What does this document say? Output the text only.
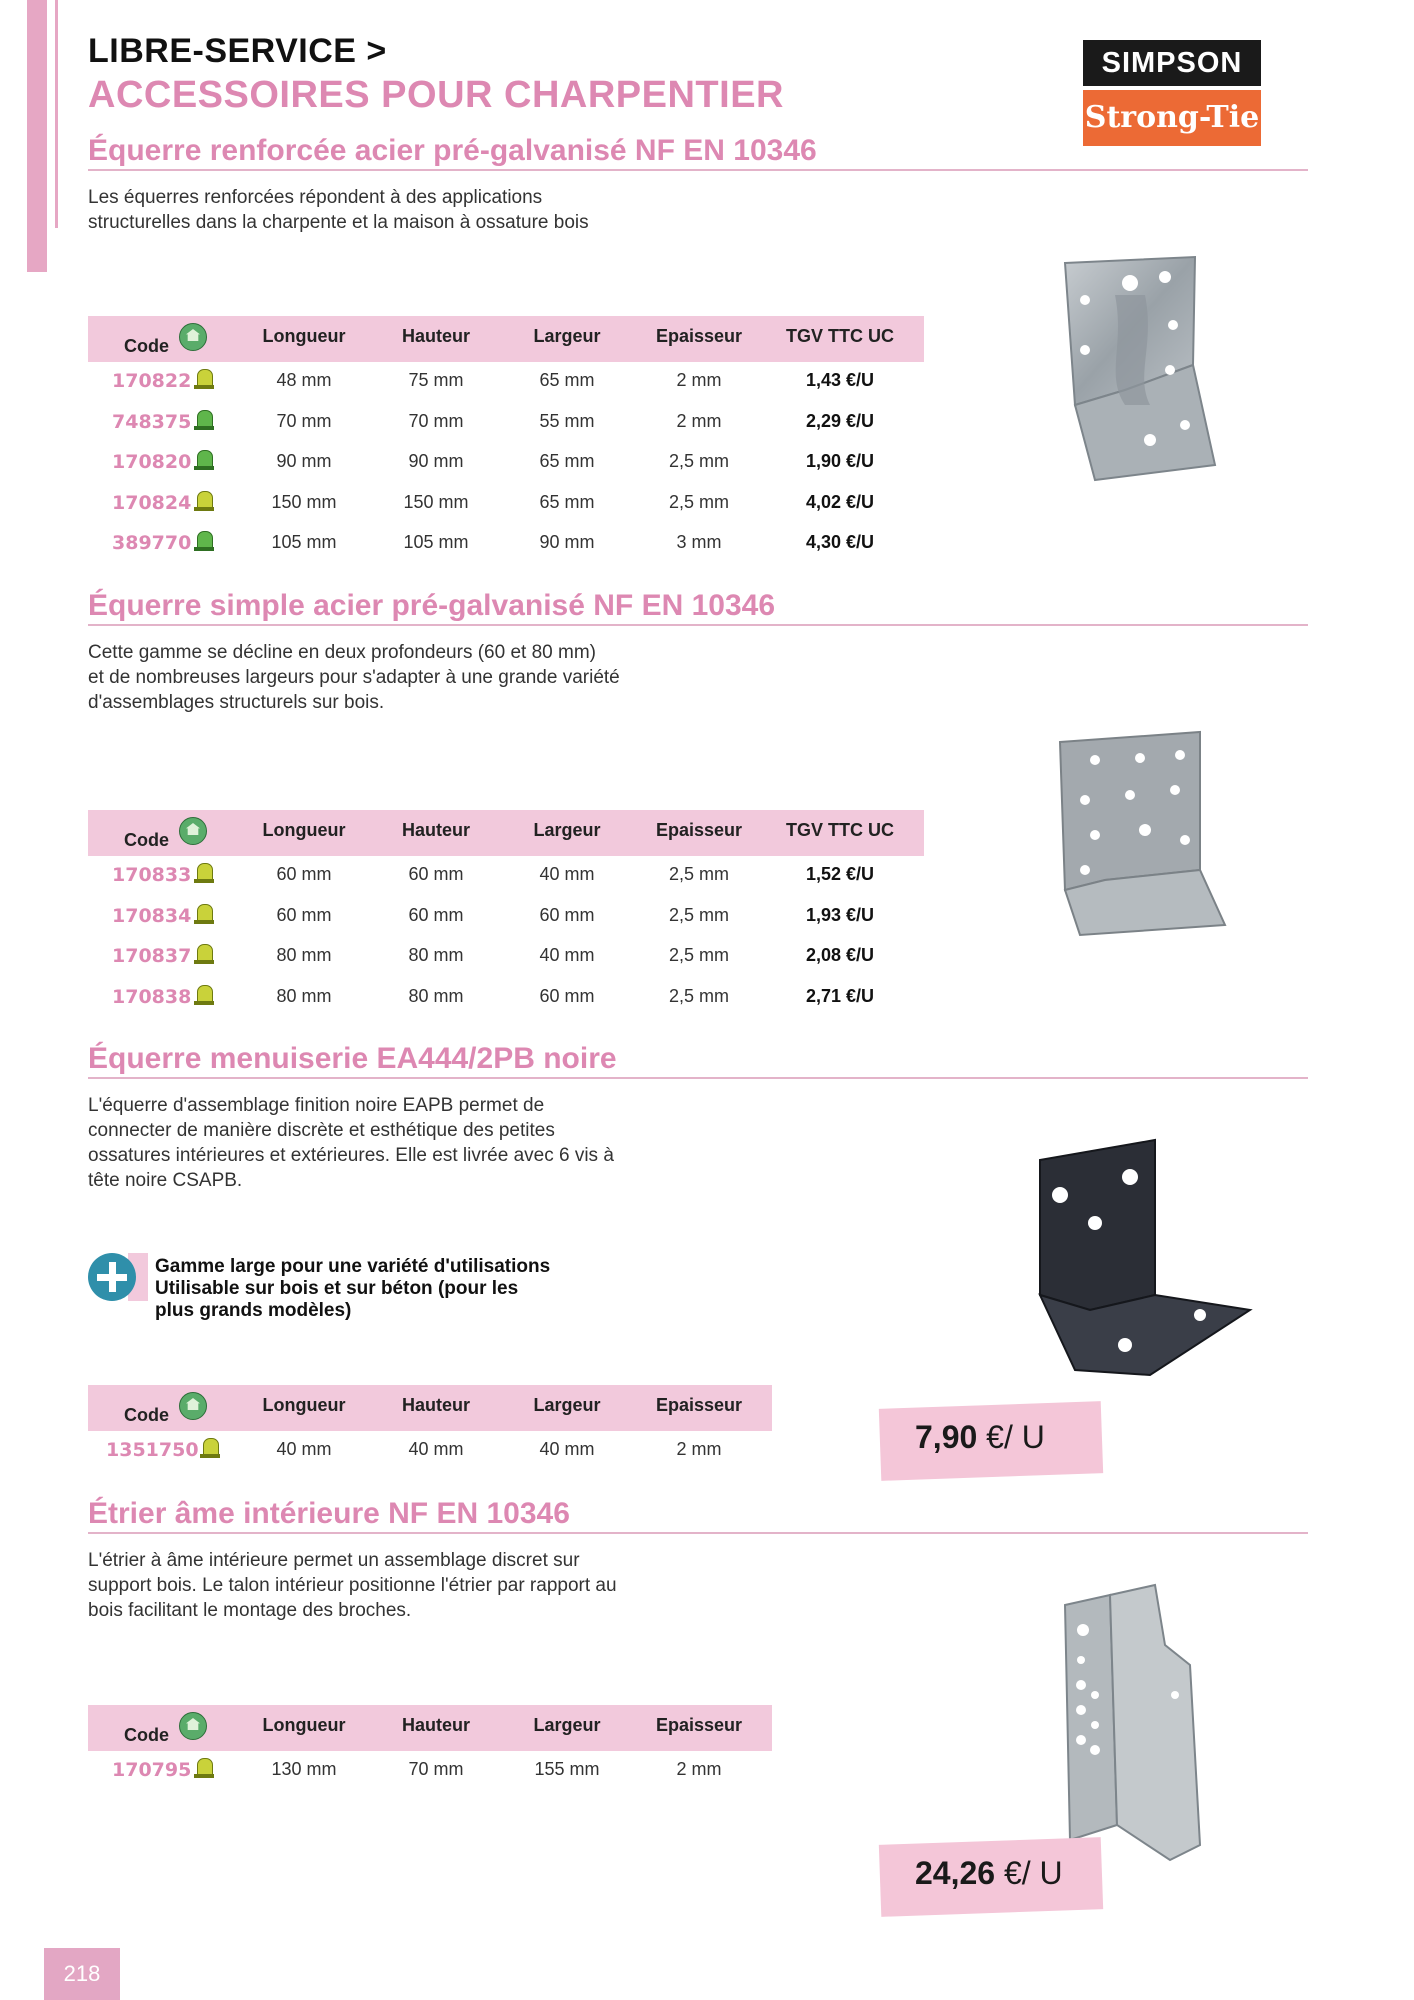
LIBRE-SERVICE >
ACCESSOIRES POUR CHARPENTIER
SIMPSON
Strong-Tie
Équerre renforcée acier pré-galvanisé NF EN 10346
Les équerres renforcées répondent à des applications
structurelles dans la charpente et la maison à ossature bois
Code	Longueur	Hauteur	Largeur	Epaisseur	TGV TTC UC
170822	48 mm	75 mm	65 mm	2 mm	1,43 €/U
748375	70 mm	70 mm	55 mm	2 mm	2,29 €/U
170820	90 mm	90 mm	65 mm	2,5 mm	1,90 €/U
170824	150 mm	150 mm	65 mm	2,5 mm	4,02 €/U
389770	105 mm	105 mm	90 mm	3 mm	4,30 €/U
Équerre simple acier pré-galvanisé NF EN 10346
Cette gamme se décline en deux profondeurs (60 et 80 mm)
et de nombreuses largeurs pour s'adapter à une grande variété
d'assemblages structurels sur bois.
Code	Longueur	Hauteur	Largeur	Epaisseur	TGV TTC UC
170833	60 mm	60 mm	40 mm	2,5 mm	1,52 €/U
170834	60 mm	60 mm	60 mm	2,5 mm	1,93 €/U
170837	80 mm	80 mm	40 mm	2,5 mm	2,08 €/U
170838	80 mm	80 mm	60 mm	2,5 mm	2,71 €/U
Équerre menuiserie EA444/2PB noire
L'équerre d'assemblage finition noire EAPB permet de
connecter de manière discrète et esthétique des petites
ossatures intérieures et extérieures. Elle est livrée avec 6 vis à
tête noire CSAPB.
Gamme large pour une variété d'utilisations
Utilisable sur bois et sur béton (pour les
plus grands modèles)
Code	Longueur	Hauteur	Largeur	Epaisseur
1351750	40 mm	40 mm	40 mm	2 mm	7,90 €/ U
Étrier âme intérieure NF EN 10346
L'étrier à âme intérieure permet un assemblage discret sur
support bois. Le talon intérieur positionne l'étrier par rapport au
bois facilitant le montage des broches.
Code	Longueur	Hauteur	Largeur	Epaisseur
170795	130 mm	70 mm	155 mm	2 mm
24,26 €/ U
218
